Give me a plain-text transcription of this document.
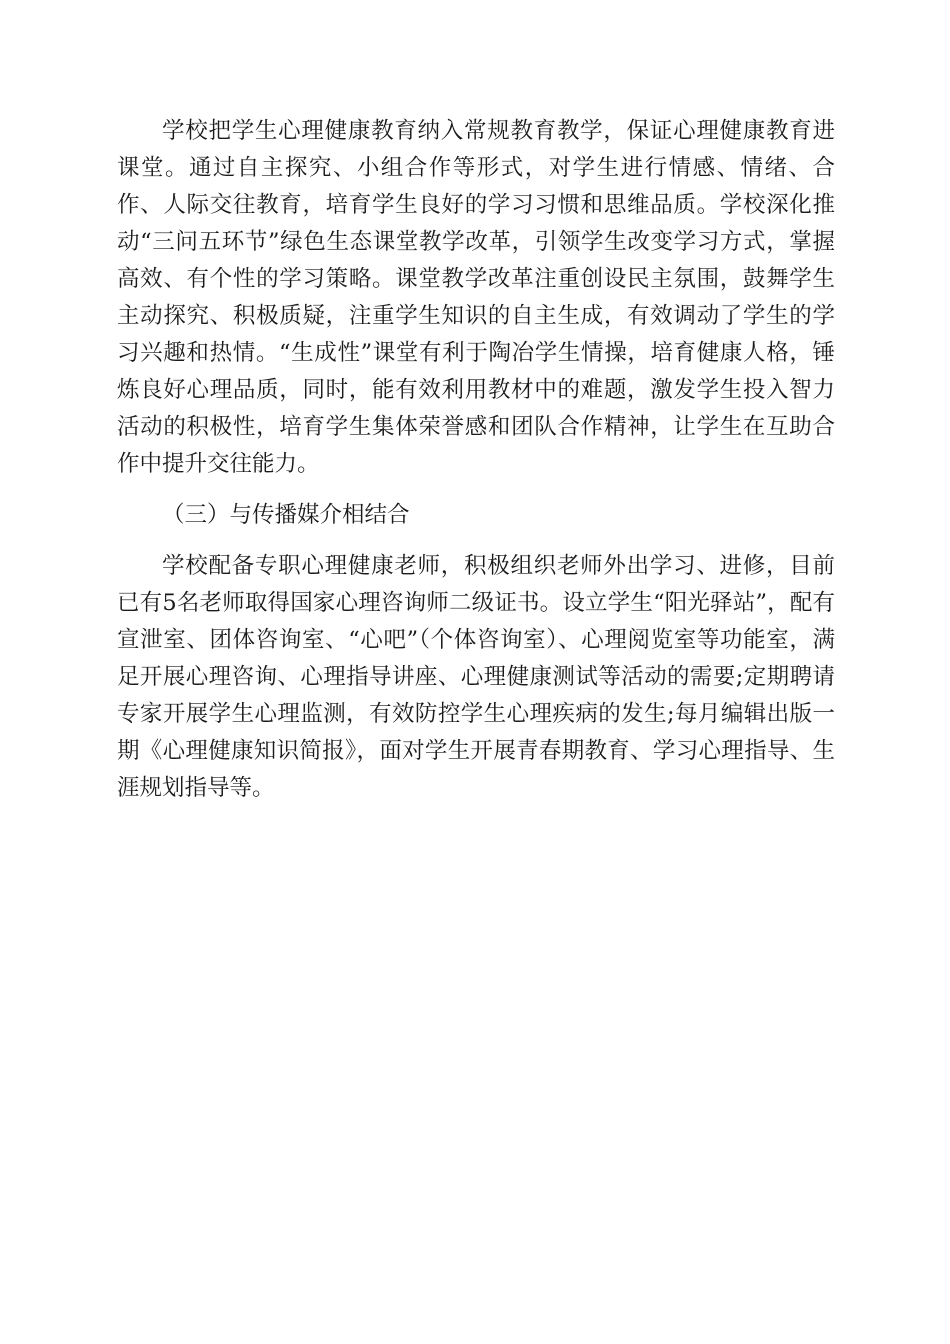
学校把学生心理健康教育纳入常规教育教学，保证心理健康教育进课堂。通过自主探究、小组合作等形式，对学生进行情感、情绪、合作、人际交往教育，培育学生良好的学习习惯和思维品质。学校深化推动“三问五环节”绿色生态课堂教学改革，引领学生改变学习方式，掌握高效、有个性的学习策略。课堂教学改革注重创设民主氛围，鼓舞学生主动探究、积极质疑，注重学生知识的自主生成，有效调动了学生的学习兴趣和热情。“生成性”课堂有利于陶冶学生情操，培育健康人格，锤炼良好心理品质，同时，能有效利用教材中的难题，激发学生投入智力活动的积极性，培育学生集体荣誉感和团队合作精神，让学生在互助合作中提升交往能力。

（三）与传播媒介相结合

学校配备专职心理健康老师，积极组织老师外出学习、进修，目前已有5名老师取得国家心理咨询师二级证书。设立学生“阳光驿站”，配有宣泄室、团体咨询室、“心吧”（个体咨询室）、心理阅览室等功能室，满足开展心理咨询、心理指导讲座、心理健康测试等活动的需要;定期聘请专家开展学生心理监测，有效防控学生心理疾病的发生;每月编辑出版一期《心理健康知识简报》，面对学生开展青春期教育、学习心理指导、生涯规划指导等。
